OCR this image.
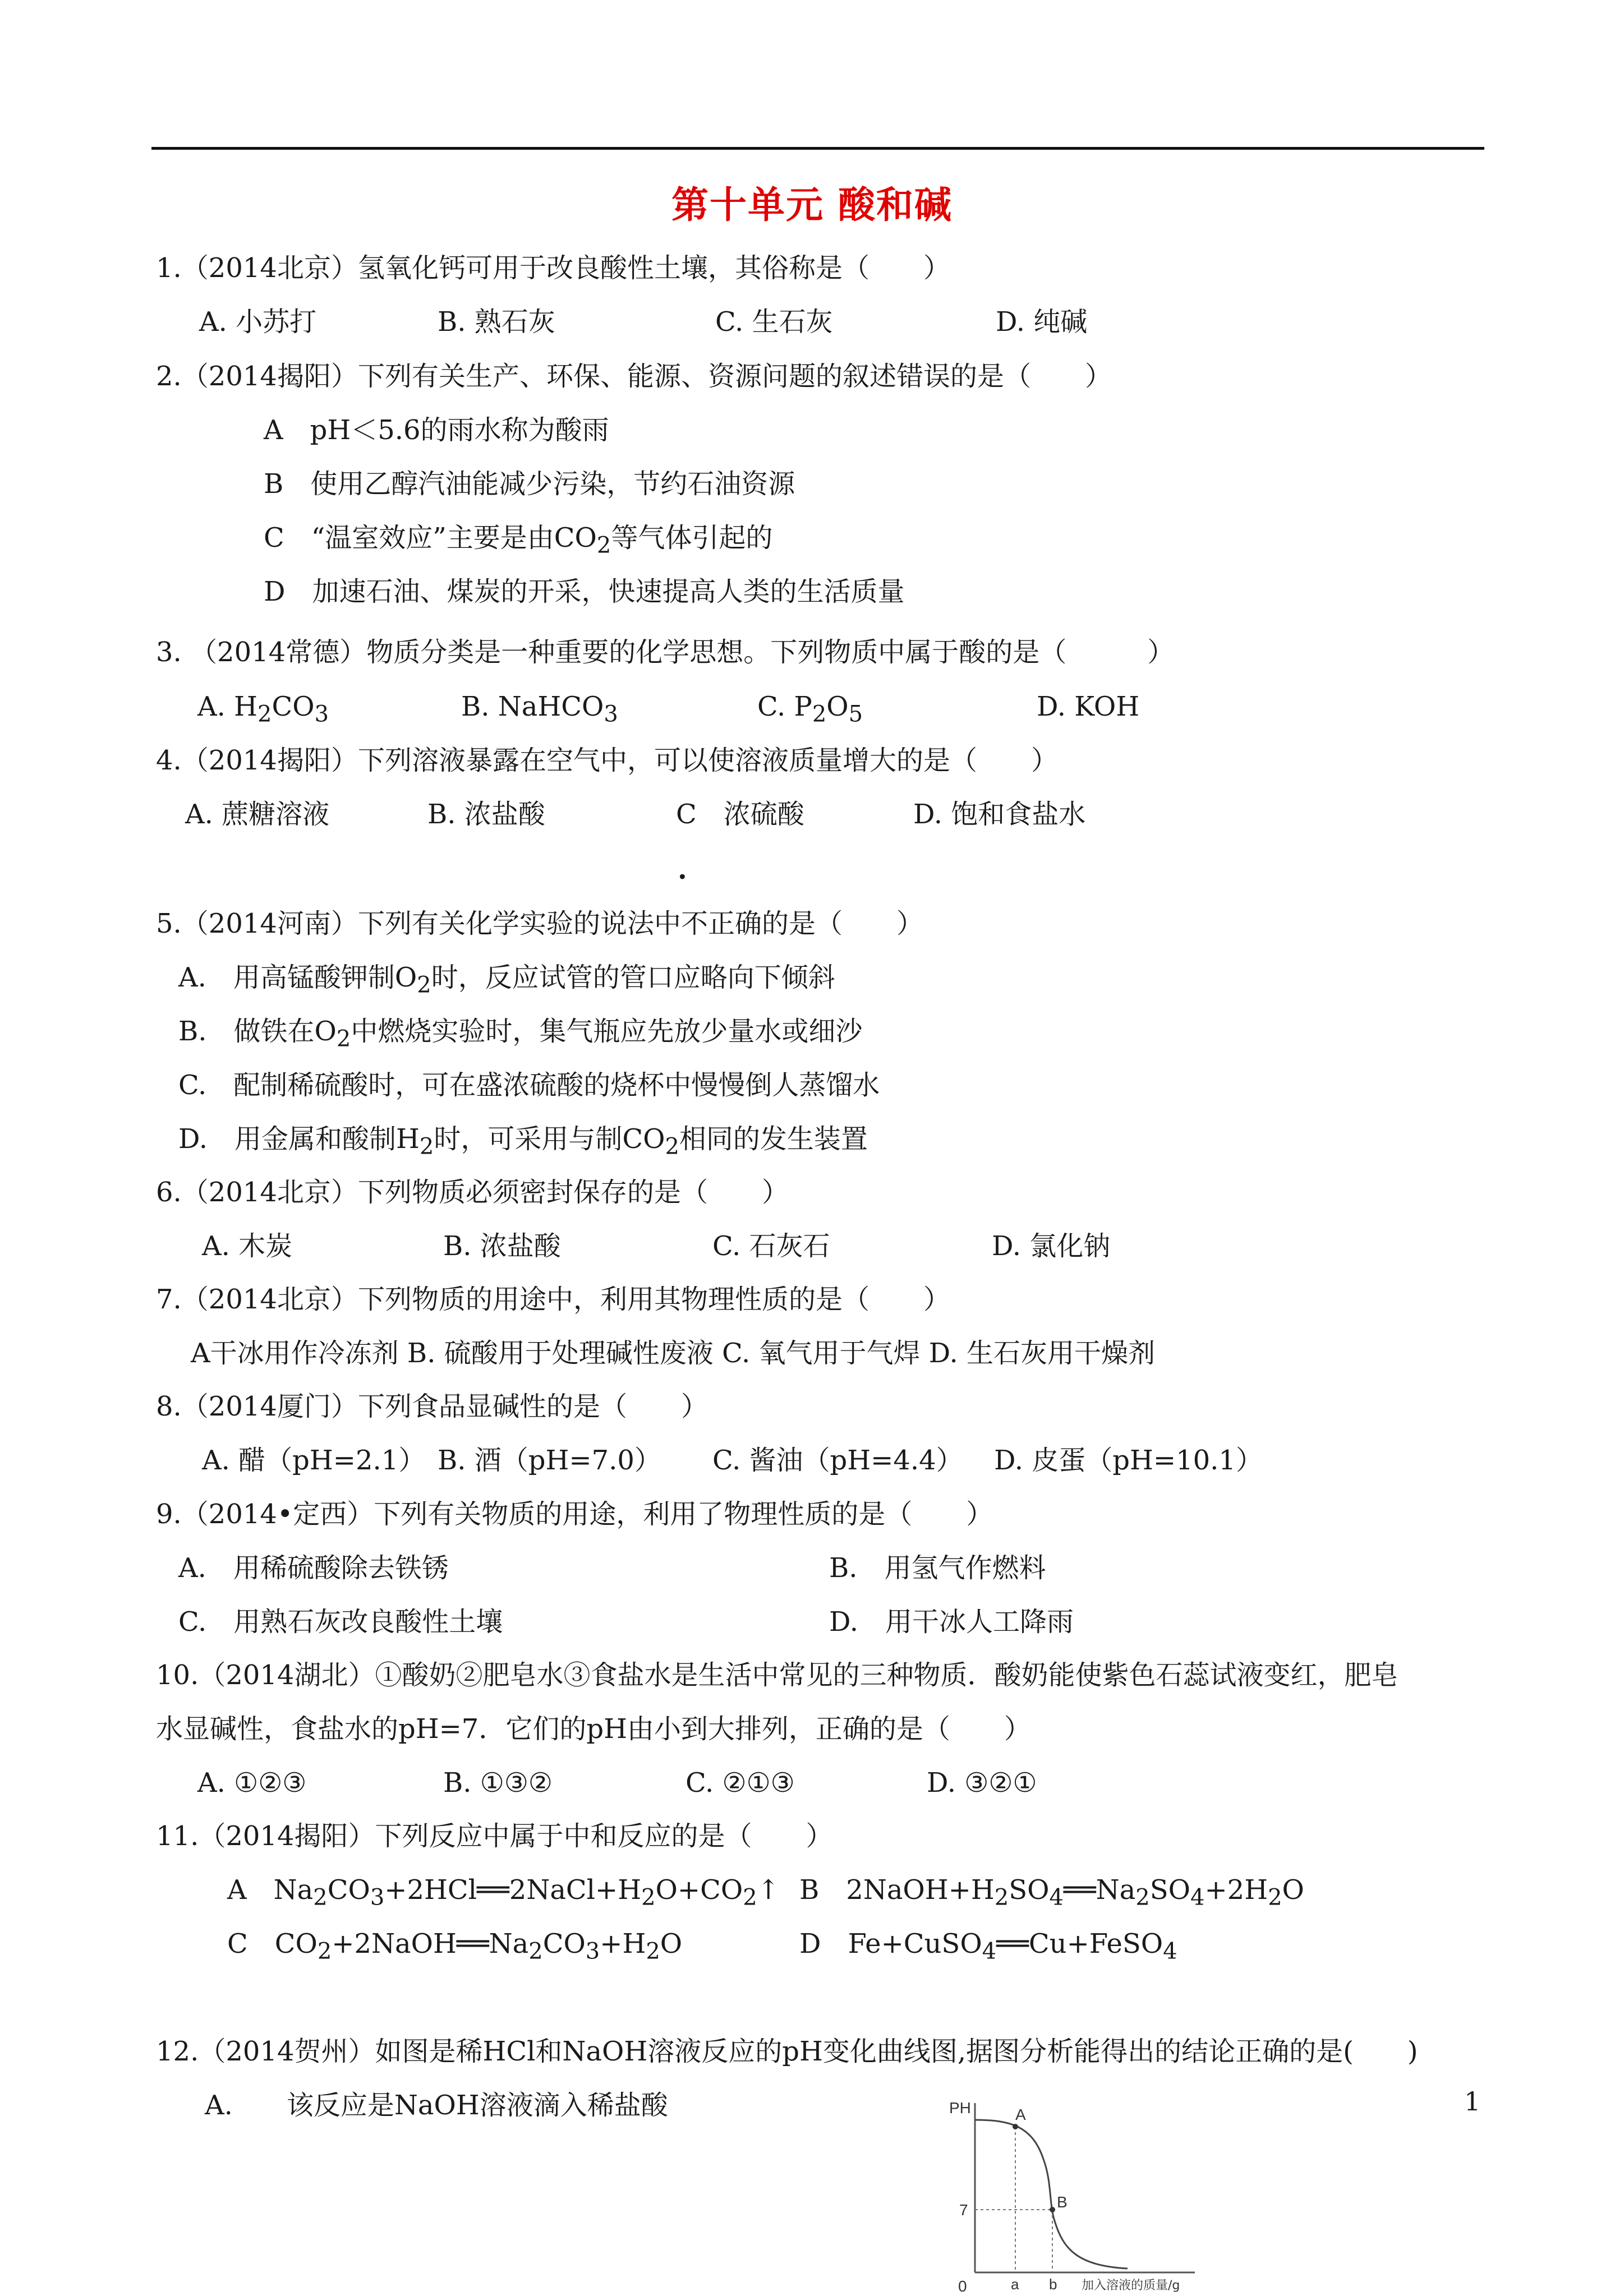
第十单元 酸和碱
1.（2014北京）氢氧化钙可用于改良酸性土壤，其俗称是（　　）
A. 小苏打	B. 熟石灰	C. 生石灰	D. 纯碱
2.（2014揭阳）下列有关生产、环保、能源、资源问题的叙述错误的是（　　）
A　pH＜5.6的雨水称为酸雨
B　使用乙醇汽油能减少污染，节约石油资源
C　“温室效应”主要是由$CO_2$等气体引起的
D　加速石油、煤炭的开采，快速提高人类的生活质量
3. （2014常德）物质分类是一种重要的化学思想。下列物质中属于酸的是（　　　）
A. $H_2CO_3$	B. NaHCO$_3$	C. $P_2O_5$	D. KOH
4.（2014揭阳）下列溶液暴露在空气中，可以使溶液质量增大的是（　　）
A. 蔗糖溶液	B. 浓盐酸	C　浓硫酸	D. 饱和食盐水
.
5.（2014河南）下列有关化学实验的说法中不正确的是（　　）
A.　用高锰酸钾制$O_2$时，反应试管的管口应略向下倾斜
B.　做铁在$O_2$中燃烧实验时，集气瓶应先放少量水或细沙
C.　配制稀硫酸时，可在盛浓硫酸的烧杯中慢慢倒人蒸馏水
D.　用金属和酸制$H_2$时，可采用与制$CO_2$相同的发生装置
6.（2014北京）下列物质必须密封保存的是（　　）
A. 木炭	B. 浓盐酸	C. 石灰石	D. 氯化钠
7.（2014北京）下列物质的用途中，利用其物理性质的是（　　）
A干冰用作冷冻剂 B. 硫酸用于处理碱性废液 C. 氧气用于气焊 D. 生石灰用干燥剂
8.（2014厦门）下列食品显碱性的是（　　）
A. 醋（pH=2.1） B. 酒（pH=7.0） C. 酱油（pH=4.4） D. 皮蛋（pH=10.1）
9.（2014•定西）下列有关物质的用途，利用了物理性质的是（　　）
A.　用稀硫酸除去铁锈	B.　用氢气作燃料
C.　用熟石灰改良酸性土壤	D.　用干冰人工降雨
10.（2014湖北）①酸奶②肥皂水③食盐水是生活中常见的三种物质．酸奶能使紫色石蕊试液变红，肥皂
水显碱性，食盐水的pH=7．它们的pH由小到大排列，正确的是（　　）
A. ①②③	B. ①③②	C. ②①③	D. ③②①
11.（2014揭阳）下列反应中属于中和反应的是（　　）
A　$Na_2CO_3+2HCl══2NaCl+H_2O+CO_2↑$ B　$2NaOH+H_2SO_4══Na_2SO_4+2H_2O$
C　$CO_2+2NaOH══Na_2CO_3+H_2O$	D　Fe+CuSO$_4$══Cu+FeSO$_4$
12.（2014贺州）如图是稀HCl和NaOH溶液反应的pH变化曲线图,据图分析能得出的结论正确的是(　　)
A.　　该反应是NaOH溶液滴入稀盐酸	1
PH	A
B
7
0	a b 加入溶液的质量/g
